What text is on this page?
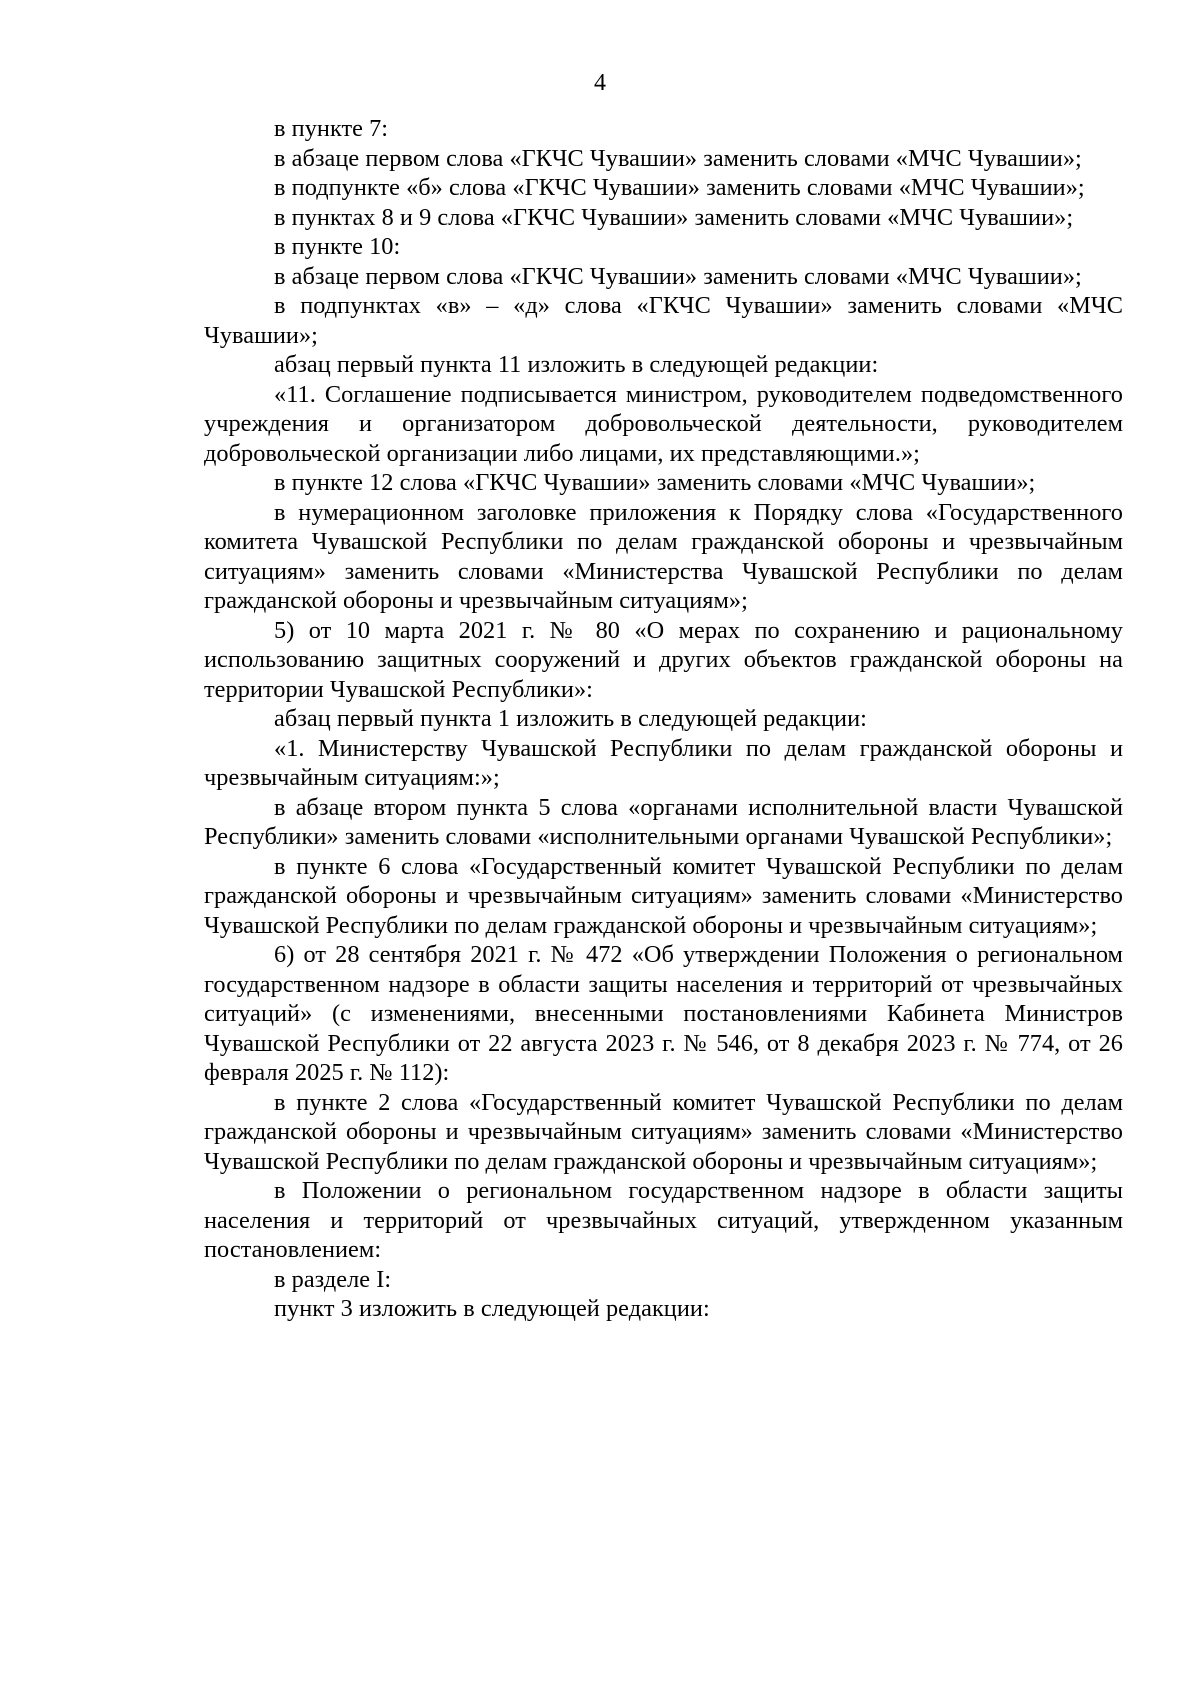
4

в пункте 7:

в абзаце первом слова «ГКЧС Чувашии» заменить словами «МЧС Чувашии»;

в подпункте «б» слова «ГКЧС Чувашии» заменить словами «МЧС Чувашии»;

в пунктах 8 и 9 слова «ГКЧС Чувашии» заменить словами «МЧС Чувашии»;

в пункте 10:

в абзаце первом слова «ГКЧС Чувашии» заменить словами «МЧС Чувашии»;

в подпунктах «в» – «д» слова «ГКЧС Чувашии» заменить словами «МЧС Чувашии»;

абзац первый пункта 11 изложить в следующей редакции:

«11. Соглашение подписывается министром, руководителем подведомственного учреждения и организатором добровольческой деятельности, руководителем добровольческой организации либо лицами, их представляющими.»;

в пункте 12 слова «ГКЧС Чувашии» заменить словами «МЧС Чувашии»;

в нумерационном заголовке приложения к Порядку слова «Государственного комитета Чувашской Республики по делам гражданской обороны и чрезвычайным ситуациям» заменить словами «Министерства Чувашской Республики по делам гражданской обороны и чрезвычайным ситуациям»;

5) от 10 марта 2021 г. № 80 «О мерах по сохранению и рациональному использованию защитных сооружений и других объектов гражданской обороны на территории Чувашской Республики»:

абзац первый пункта 1 изложить в следующей редакции:

«1. Министерству Чувашской Республики по делам гражданской обороны и чрезвычайным ситуациям:»;

в абзаце втором пункта 5 слова «органами исполнительной власти Чувашской Республики» заменить словами «исполнительными органами Чувашской Республики»;

в пункте 6 слова «Государственный комитет Чувашской Республики по делам гражданской обороны и чрезвычайным ситуациям» заменить словами «Министерство Чувашской Республики по делам гражданской обороны и чрезвычайным ситуациям»;

6) от 28 сентября 2021 г. № 472 «Об утверждении Положения о региональном государственном надзоре в области защиты населения и территорий от чрезвычайных ситуаций» (с изменениями, внесенными постановлениями Кабинета Министров Чувашской Республики от 22 августа 2023 г. № 546, от 8 декабря 2023 г. № 774, от 26 февраля 2025 г. № 112):

в пункте 2 слова «Государственный комитет Чувашской Республики по делам гражданской обороны и чрезвычайным ситуациям» заменить словами «Министерство Чувашской Республики по делам гражданской обороны и чрезвычайным ситуациям»;

в Положении о региональном государственном надзоре в области защиты населения и территорий от чрезвычайных ситуаций, утвержденном указанным постановлением:

в разделе I:

пункт 3 изложить в следующей редакции:
